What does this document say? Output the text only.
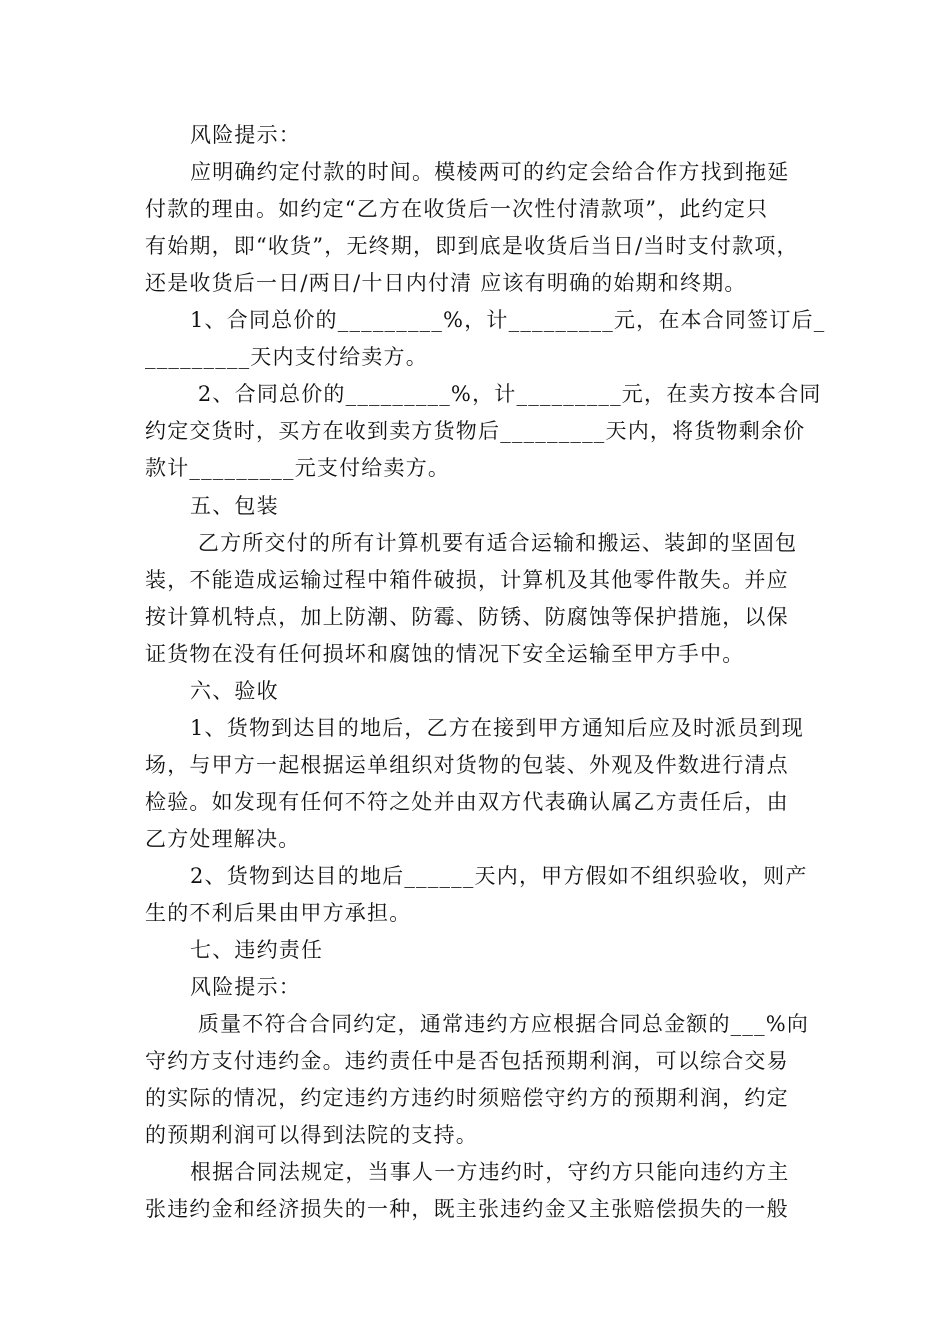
风险提示：
应明确约定付款的时间。模棱两可的约定会给合作方找到拖延
付款的理由。如约定“乙方在收货后一次性付清款项”，此约定只
有始期，即“收货”，无终期，即到底是收货后当日/当时支付款项，
还是收货后一日/两日/十日内付清 应该有明确的始期和终期。
1、合同总价的_________%，计_________元，在本合同签订后_
_________天内支付给卖方。
2、合同总价的_________%，计_________元，在卖方按本合同
约定交货时，买方在收到卖方货物后_________天内，将货物剩余价
款计_________元支付给卖方。
五、包装
乙方所交付的所有计算机要有适合运输和搬运、装卸的坚固包
装，不能造成运输过程中箱件破损，计算机及其他零件散失。并应
按计算机特点，加上防潮、防霉、防锈、防腐蚀等保护措施，以保
证货物在没有任何损坏和腐蚀的情况下安全运输至甲方手中。
六、验收
1、货物到达目的地后，乙方在接到甲方通知后应及时派员到现
场，与甲方一起根据运单组织对货物的包装、外观及件数进行清点
检验。如发现有任何不符之处并由双方代表确认属乙方责任后，由
乙方处理解决。
2、货物到达目的地后______天内，甲方假如不组织验收，则产
生的不利后果由甲方承担。
七、违约责任
风险提示：
质量不符合合同约定，通常违约方应根据合同总金额的___%向
守约方支付违约金。违约责任中是否包括预期利润，可以综合交易
的实际的情况，约定违约方违约时须赔偿守约方的预期利润，约定
的预期利润可以得到法院的支持。
根据合同法规定，当事人一方违约时，守约方只能向违约方主
张违约金和经济损失的一种，既主张违约金又主张赔偿损失的一般
